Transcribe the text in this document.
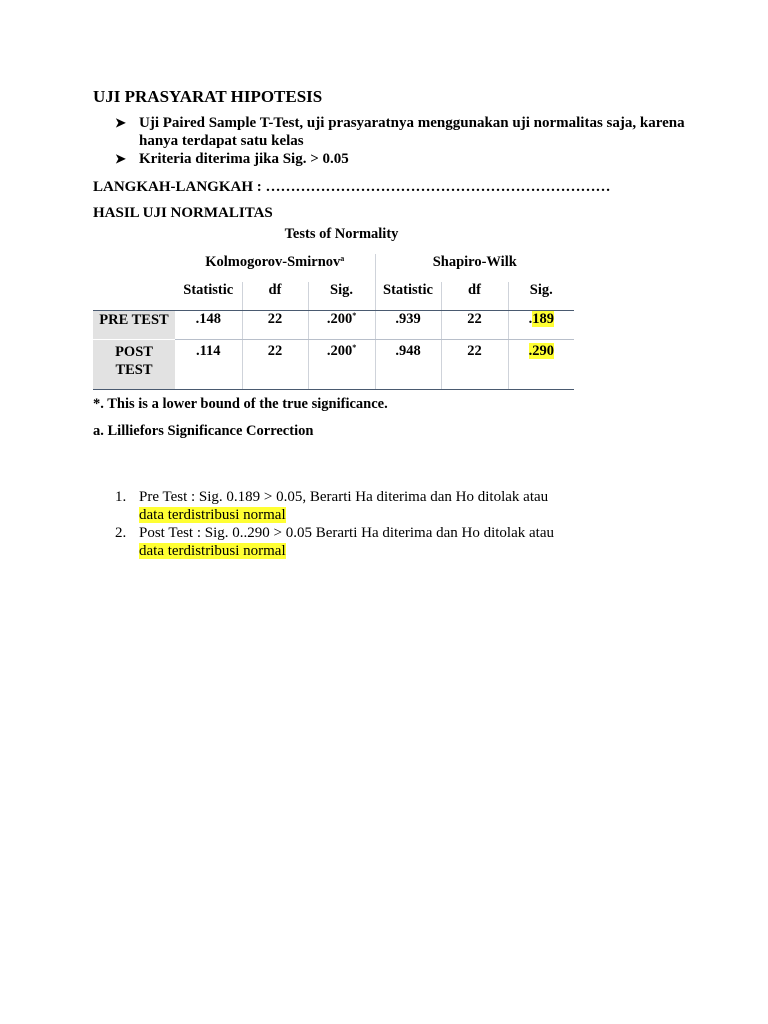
UJI PRASYARAT HIPOTESIS
➤ Uji Paired Sample T-Test, uji prasyaratnya menggunakan uji normalitas saja, karena hanya terdapat satu kelas
➤ Kriteria diterima jika Sig. > 0.05

LANGKAH-LANGKAH : ……………………………………………………………

HASIL UJI NORMALITAS

	Tests of Normality					
	Kolmogorov-Smirnov$^a$			Shapiro-Wilk		
	Statistic	df	Sig.	Statistic	df	Sig.
PRE TEST	.148	22	.200*	.939	22	.189
POST
TEST	.114	22	.200*	.948	22	.290

*. This is a lower bound of the true significance.

a. Lilliefors Significance Correction

1. Pre Test : Sig. 0.189 > 0.05, Berarti Ha diterima dan Ho ditolak atau
data terdistribusi normal
2. Post Test : Sig. 0..290 > 0.05 Berarti Ha diterima dan Ho ditolak atau
data terdistribusi normal
